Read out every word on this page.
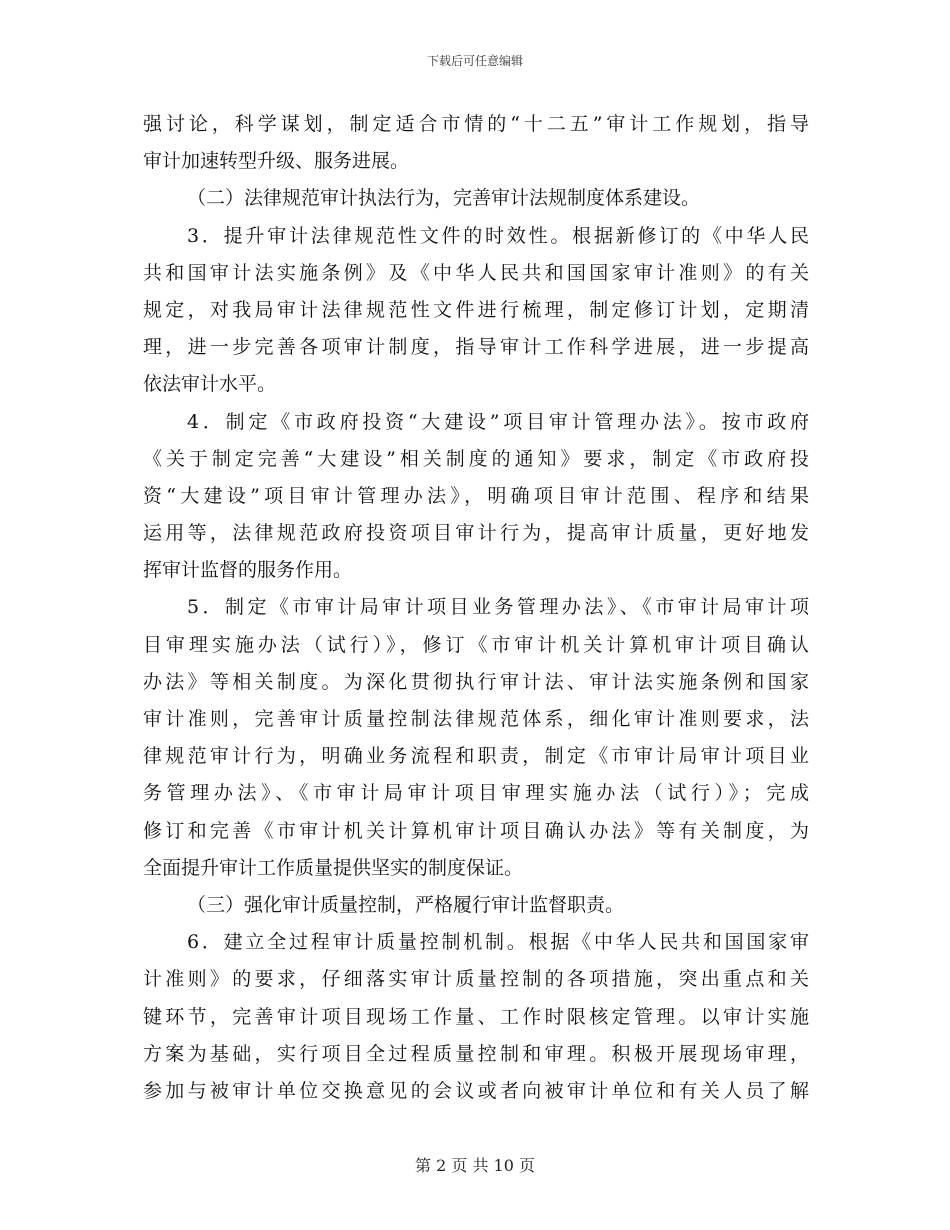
下载后可任意编辑
强讨论，科学谋划，制定适合市情的“十二五”审计工作规划，指导
审计加速转型升级、服务进展。
（二）法律规范审计执法行为，完善审计法规制度体系建设。
3．提升审计法律规范性文件的时效性。根据新修订的《中华人民
共和国审计法实施条例》及《中华人民共和国国家审计准则》的有关
规定，对我局审计法律规范性文件进行梳理，制定修订计划，定期清
理，进一步完善各项审计制度，指导审计工作科学进展，进一步提高
依法审计水平。
4．制定《市政府投资“大建设”项目审计管理办法》。按市政府
《关于制定完善“大建设”相关制度的通知》要求，制定《市政府投
资“大建设”项目审计管理办法》，明确项目审计范围、程序和结果
运用等，法律规范政府投资项目审计行为，提高审计质量，更好地发
挥审计监督的服务作用。
5．制定《市审计局审计项目业务管理办法》、《市审计局审计项
目审理实施办法（试行）》，修订《市审计机关计算机审计项目确认
办法》等相关制度。为深化贯彻执行审计法、审计法实施条例和国家
审计准则，完善审计质量控制法律规范体系，细化审计准则要求，法
律规范审计行为，明确业务流程和职责，制定《市审计局审计项目业
务管理办法》、《市审计局审计项目审理实施办法（试行）》；完成
修订和完善《市审计机关计算机审计项目确认办法》等有关制度，为
全面提升审计工作质量提供坚实的制度保证。
（三）强化审计质量控制，严格履行审计监督职责。
6．建立全过程审计质量控制机制。根据《中华人民共和国国家审
计准则》的要求，仔细落实审计质量控制的各项措施，突出重点和关
键环节，完善审计项目现场工作量、工作时限核定管理。以审计实施
方案为基础，实行项目全过程质量控制和审理。积极开展现场审理，
参加与被审计单位交换意见的会议或者向被审计单位和有关人员了解
第 2 页 共 10 页
